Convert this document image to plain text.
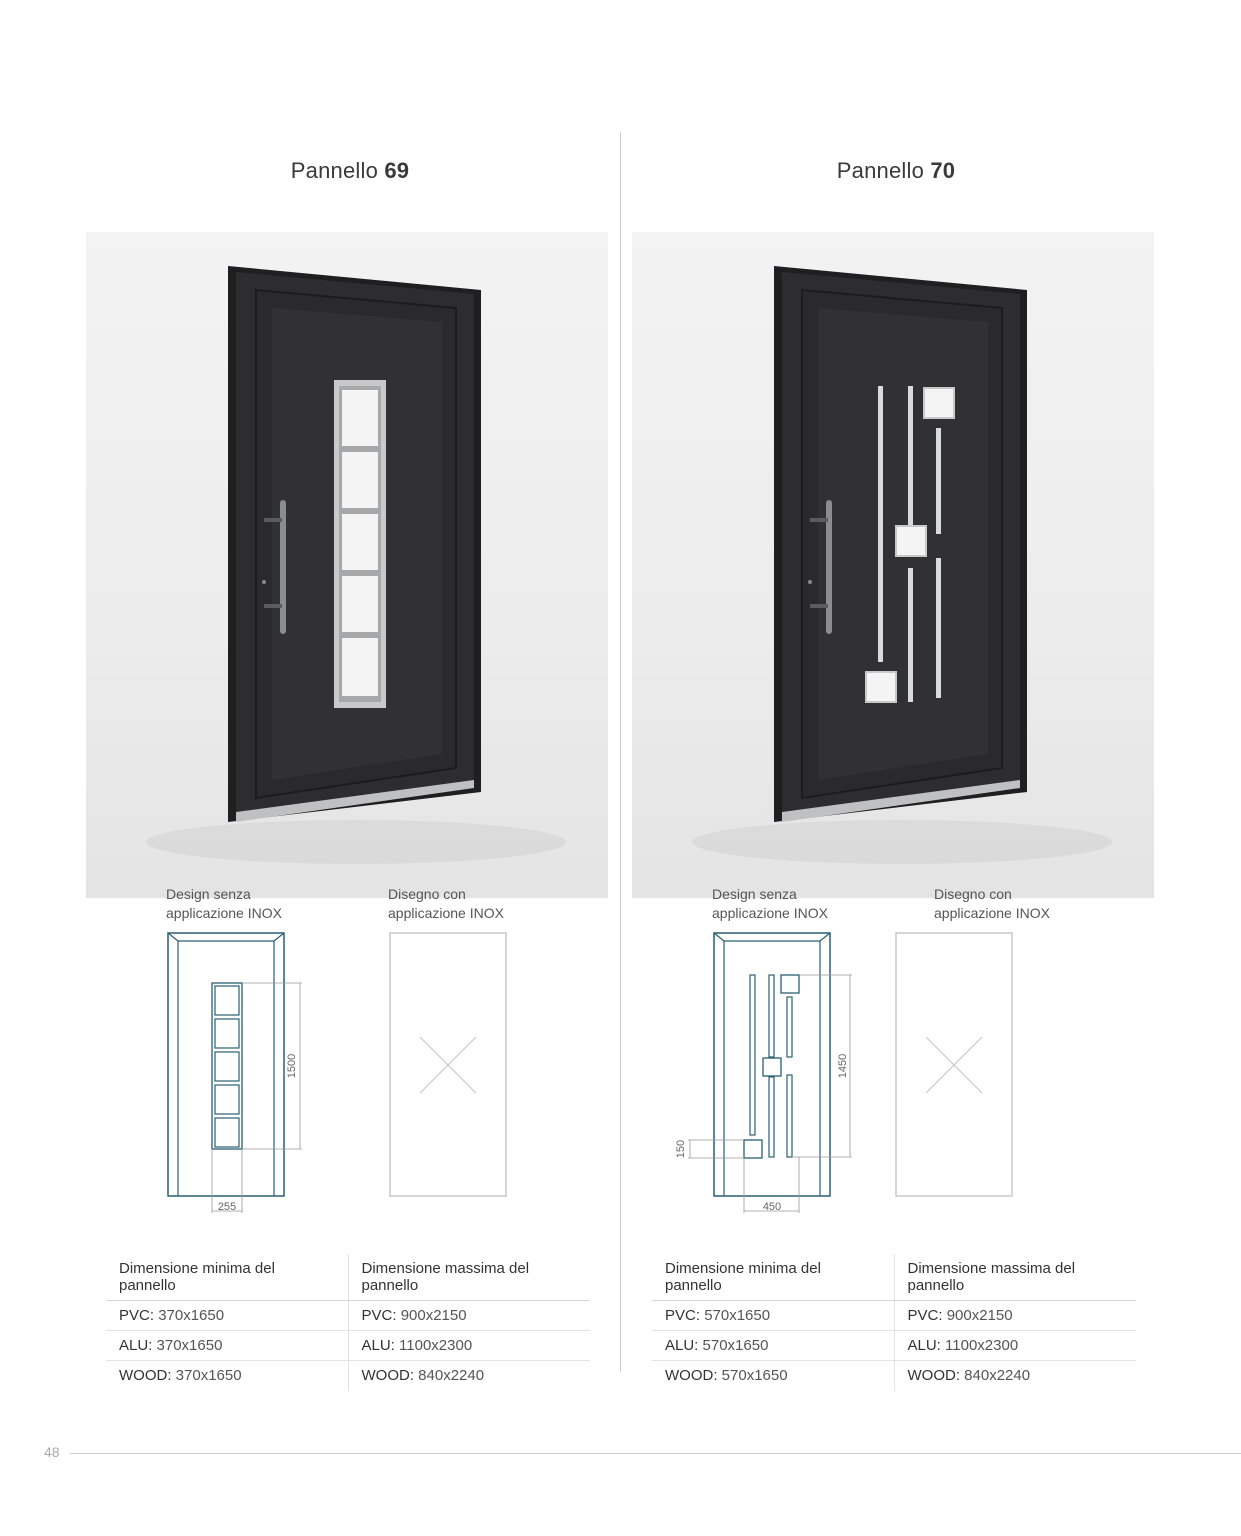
Pannello 69
Design senza applicazione INOX
Disegno con applicazione INOX
1500
255
Dimensione minima del pannello	Dimensione massima del pannello
PVC: 370x1650	PVC: 900x2150
ALU: 370x1650	ALU: 1100x2300
WOOD: 370x1650	WOOD: 840x2240
Pannello 70
Design senza applicazione INOX
Disegno con applicazione INOX
1450
150
450
Dimensione minima del pannello	Dimensione massima del pannello
PVC: 570x1650	PVC: 900x2150
ALU: 570x1650	ALU: 1100x2300
WOOD: 570x1650	WOOD: 840x2240
48
